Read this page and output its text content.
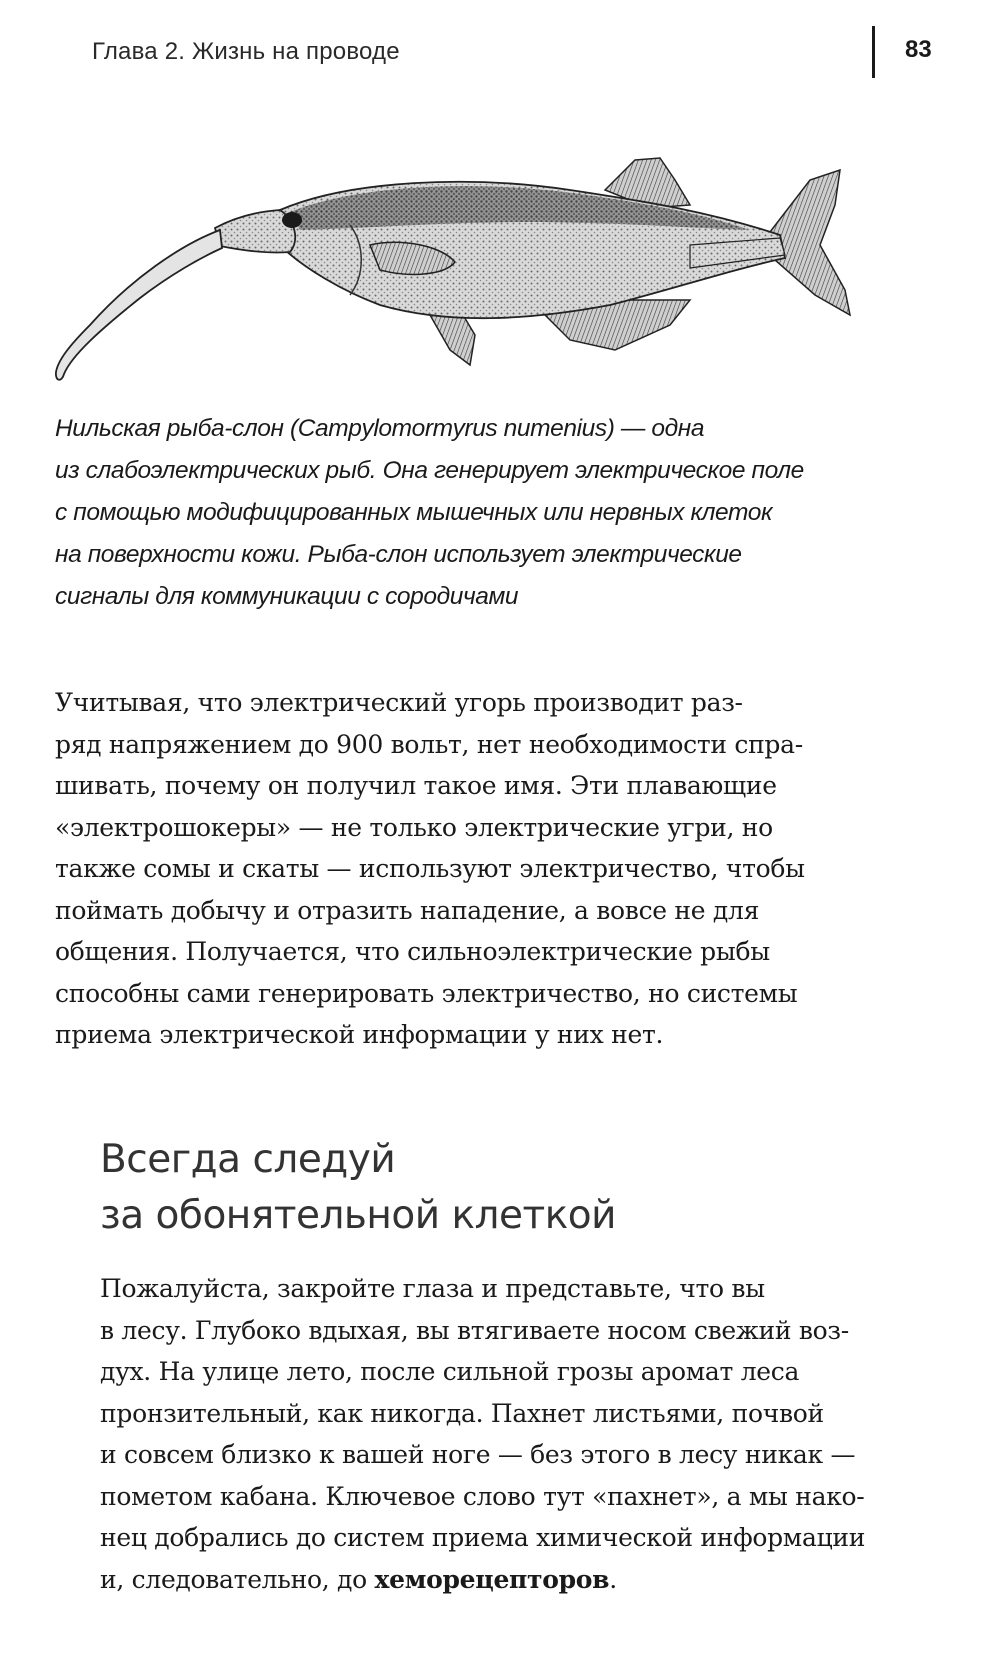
Глава 2. Жизнь на проводе	83
Нильская рыба-слон (Campylomormyrus numenius) — одна
из слабоэлектрических рыб. Она генерирует электрическое поле
с помощью модифицированных мышечных или нервных клеток
на поверхности кожи. Рыба-слон использует электрические
сигналы для коммуникации с сородичами
Учитывая, что электрический угорь производит раз-
ряд напряжением до 900 вольт, нет необходимости спра-
шивать, почему он получил такое имя. Эти плавающие
«электрошокеры» — не только электрические угри, но
также сомы и скаты — используют электричество, чтобы
поймать добычу и отразить нападение, а вовсе не для
общения. Получается, что сильноэлектрические рыбы
способны сами генерировать электричество, но системы
приема электрической информации у них нет.
Всегда следуй
за обонятельной клеткой
Пожалуйста, закройте глаза и представьте, что вы
в лесу. Глубоко вдыхая, вы втягиваете носом свежий воз-
дух. На улице лето, после сильной грозы аромат леса
пронзительный, как никогда. Пахнет листьями, почвой
и совсем близко к вашей ноге — без этого в лесу никак —
пометом кабана. Ключевое слово тут «пахнет», а мы нако-
нец добрались до систем приема химической информации
и, следовательно, до хеморецепторов.
